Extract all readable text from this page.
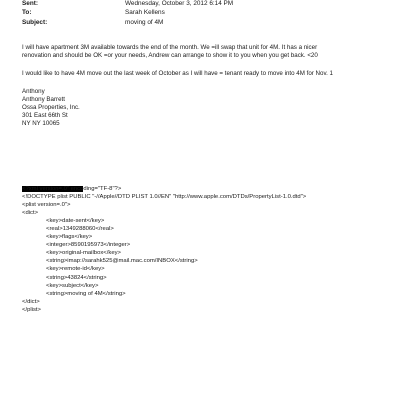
Sent:	Wednesday, October 3, 2012 6:14 PM
To:	Sarah Kellens
Subject:	moving of 4M
I will have apartment 3M available towards the end of the month. We =ill swap that unit for 4M. It has a nicer
renovation and should be OK =or your needs, Andrew can arrange to show it to you when you get back. <20
I would like to have 4M move out the last week of October as I will have = tenant ready to move into 4M for Nov. 1
Anthony
Anthony Barrett
Ossa Properties, Inc.
301 East 66th St
NY NY 10065
<?xml version=.0" encoding="TF-8"?>
<!DOCTYPE plist PUBLIC "-//Apple//DTD PLIST 1.0//EN" "http://www.apple.com/DTDs/PropertyList-1.0.dtd">
<plist version=.0">
<dict>
<key>date-sent</key>
<real>1349288060</real>
<key>flags</key>
<integer>8590195973</integer>
<key>original-mailbox</key>
<string>imap://sarahk525@mail.mac.com/INBOX</string>
<key>remote-id</key>
<string>43824</string>
<key>subject</key>
<string>moving of 4M</string>
</dict>
</plist>
